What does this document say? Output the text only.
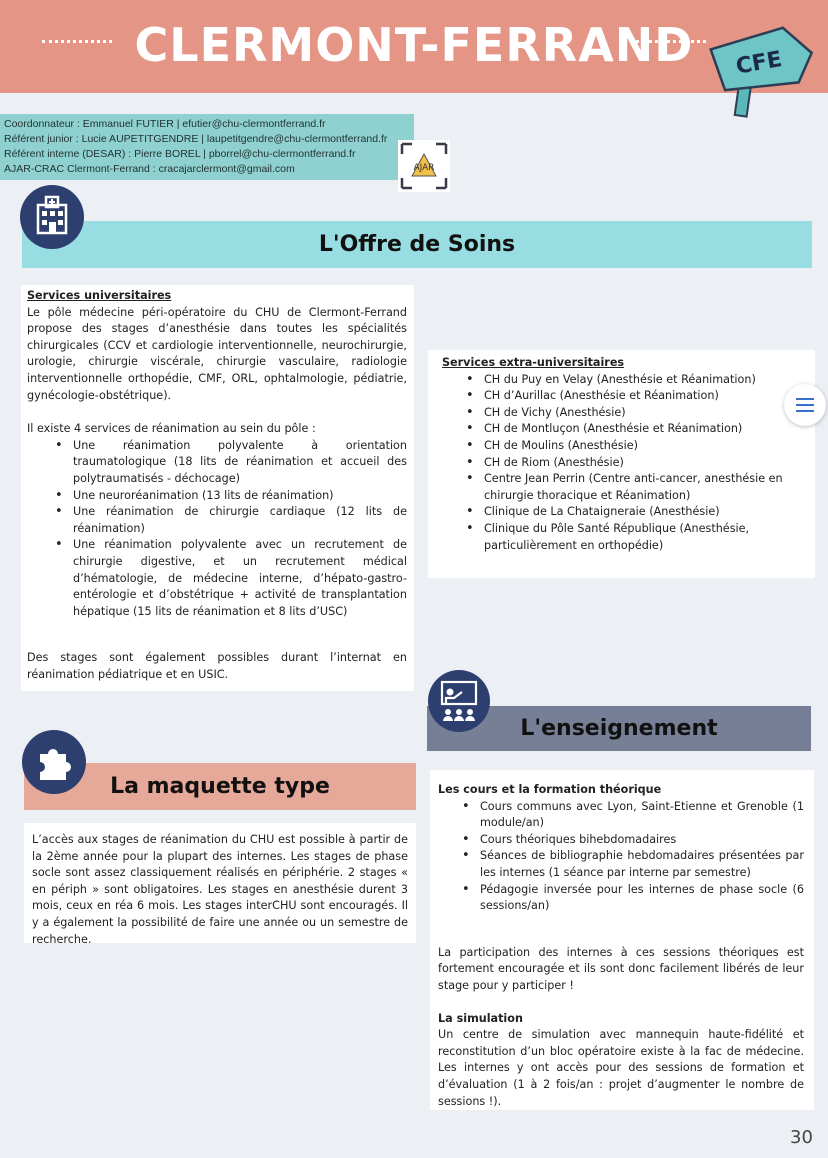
CLERMONT-FERRAND	CFE
Coordonnateur : Emmanuel FUTIER | efutier@chu-clermontferrand.fr
Référent junior : Lucie AUPETITGENDRE | laupetitgendre@chu-clermontferrand.fr
Référent interne (DESAR) : Pierre BOREL | pborrel@chu-clermontferrand.fr
AJAR-CRAC Clermont-Ferrand : cracajarclermont@gmail.com	AJAR
L'Offre de Soins
Services universitaires

Le pôle médecine péri-opératoire du CHU de Clermont-Ferrand propose des stages d’anesthésie dans toutes les spécialités chirurgicales (CCV et cardiologie interventionnelle, neurochirurgie, urologie, chirurgie viscérale, chirurgie vasculaire, radiologie interventionnelle orthopédie, CMF, ORL, ophtalmologie, pédiatrie, gynécologie-obstétrique).

Il existe 4 services de réanimation au sein du pôle :

• Une réanimation polyvalente à orientation traumatologique (18 lits de réanimation et accueil des polytraumatisés - déchocage)
• Une neuroréanimation (13 lits de réanimation)
• Une réanimation de chirurgie cardiaque (12 lits de réanimation)
• Une réanimation polyvalente avec un recrutement de chirurgie digestive, et un recrutement médical d’hématologie, de médecine interne, d’hépato-gastro-entérologie et d’obstétrique + activité de transplantation hépatique (15 lits de réanimation et 8 lits d’USC)

Des stages sont également possibles durant l’internat en réanimation pédiatrique et en USIC.

Services extra-universitaires
• CH du Puy en Velay (Anesthésie et Réanimation)
• CH d’Aurillac (Anesthésie et Réanimation)
• CH de Vichy (Anesthésie)
• CH de Montluçon (Anesthésie et Réanimation)
• CH de Moulins (Anesthésie)
• CH de Riom (Anesthésie)
• Centre Jean Perrin (Centre anti-cancer, anesthésie en chirurgie thoracique et Réanimation)
• Clinique de La Chataigneraie (Anesthésie)
• Clinique du Pôle Santé République (Anesthésie, particulièrement en orthopédie)
L'enseignement
Les cours et la formation théorique
• Cours communs avec Lyon, Saint-Etienne et Grenoble (1 module/an)
• Cours théoriques bihebdomadaires
• Séances de bibliographie hebdomadaires présentées par les internes (1 séance par interne par semestre)
• Pédagogie inversée pour les internes de phase socle (6 sessions/an)

La participation des internes à ces sessions théoriques est fortement encouragée et ils sont donc facilement libérés de leur stage pour y participer !

La simulation

Un centre de simulation avec mannequin haute-fidélité et reconstitution d’un bloc opératoire existe à la fac de médecine. Les internes y ont accès pour des sessions de formation et d’évaluation (1 à 2 fois/an : projet d’augmenter le nombre de sessions !).

La maquette type

L’accès aux stages de réanimation du CHU est possible à partir de la 2ème année pour la plupart des internes. Les stages de phase socle sont assez classiquement réalisés en périphérie. 2 stages « en périph » sont obligatoires. Les stages en anesthésie durent 3 mois, ceux en réa 6 mois. Les stages interCHU sont encouragés. Il y a également la possibilité de faire une année ou un semestre de recherche.

30
